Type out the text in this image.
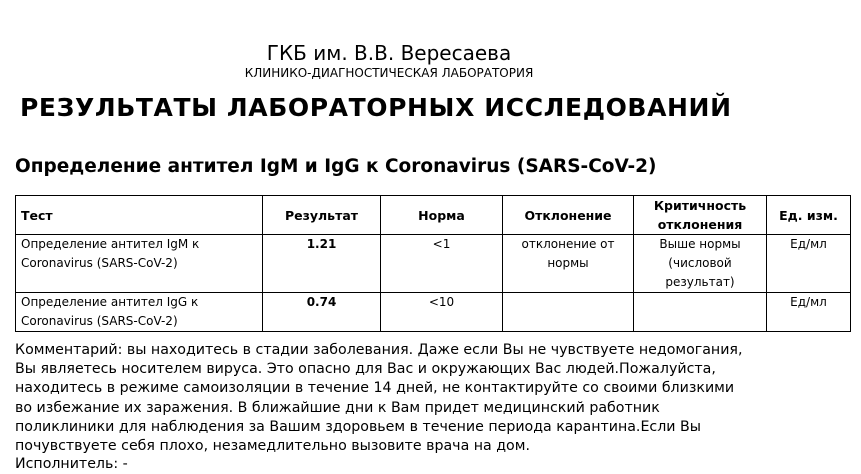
ГКБ им. В.В. Вересаева
КЛИНИКО-ДИАГНОСТИЧЕСКАЯ ЛАБОРАТОРИЯ
РЕЗУЛЬТАТЫ ЛАБОРАТОРНЫХ ИССЛЕДОВАНИЙ
Определение антител IgM и IgG к Coronavirus (SARS-CoV-2)
Тест	Результат	Норма	Отклонение	Критичность отклонения	Ед. изм.
Определение антител IgM к Coronavirus (SARS-CoV-2)	1.21	<1	отклонение от нормы	Выше нормы (числовой результат)	Ед/мл
Определение антител IgG к Coronavirus (SARS-CoV-2)	0.74	<10			Ед/мл

Комментарий: вы находитесь в стадии заболевания. Даже если Вы не чувствуете недомогания,

Вы являетесь носителем вируса. Это опасно для Вас и окружающих Вас людей.Пожалуйста,

находитесь в режиме самоизоляции в течение 14 дней, не контактируйте со своими близкими

во избежание их заражения. В ближайшие дни к Вам придет медицинский работник

поликлиники для наблюдения за Вашим здоровьем в течение периода карантина.Если Вы

почувствуете себя плохо, незамедлительно вызовите врача на дом.

Исполнитель: -
